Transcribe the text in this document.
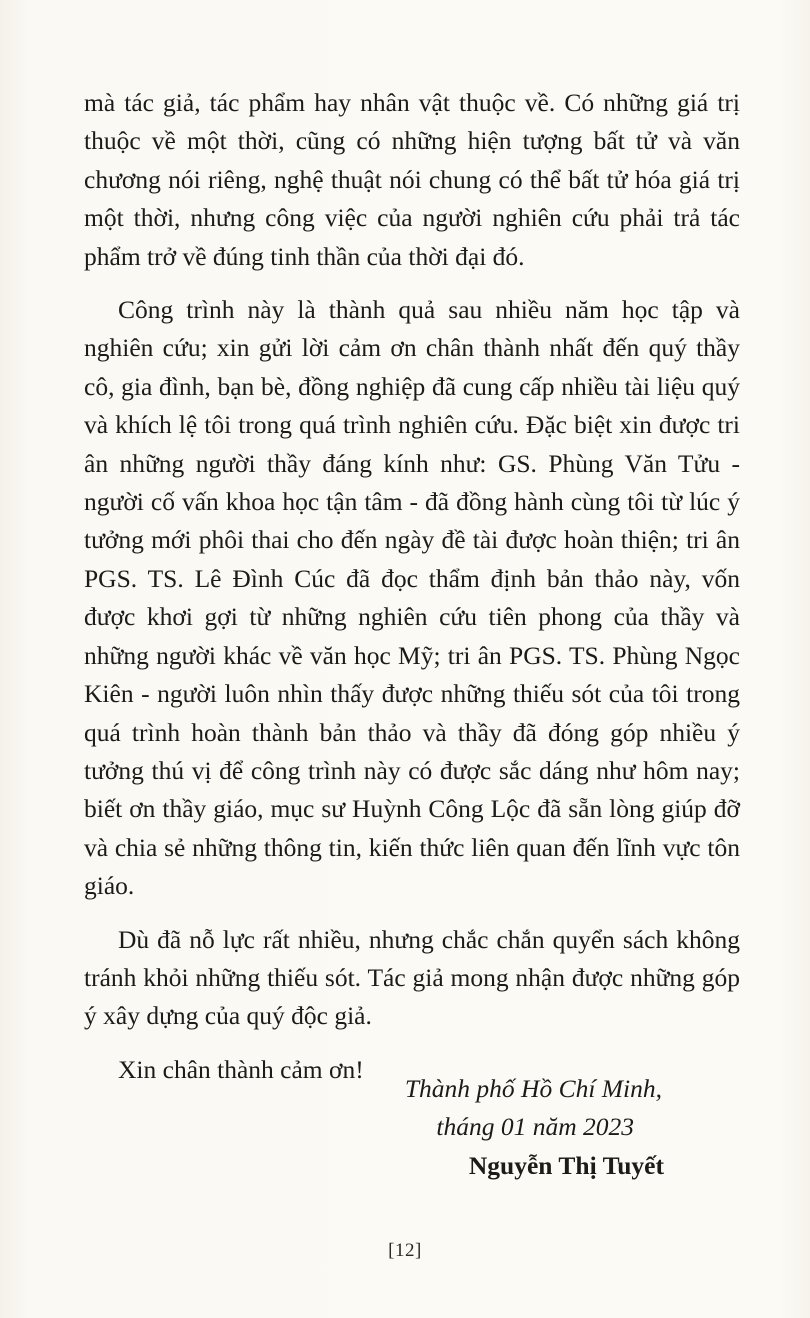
mà tác giả, tác phẩm hay nhân vật thuộc về. Có những giá trị thuộc về một thời, cũng có những hiện tượng bất tử và văn chương nói riêng, nghệ thuật nói chung có thể bất tử hóa giá trị một thời, nhưng công việc của người nghiên cứu phải trả tác phẩm trở về đúng tinh thần của thời đại đó.

Công trình này là thành quả sau nhiều năm học tập và nghiên cứu; xin gửi lời cảm ơn chân thành nhất đến quý thầy cô, gia đình, bạn bè, đồng nghiệp đã cung cấp nhiều tài liệu quý và khích lệ tôi trong quá trình nghiên cứu. Đặc biệt xin được tri ân những người thầy đáng kính như: GS. Phùng Văn Tửu - người cố vấn khoa học tận tâm - đã đồng hành cùng tôi từ lúc ý tưởng mới phôi thai cho đến ngày đề tài được hoàn thiện; tri ân PGS. TS. Lê Đình Cúc đã đọc thẩm định bản thảo này, vốn được khơi gợi từ những nghiên cứu tiên phong của thầy và những người khác về văn học Mỹ; tri ân PGS. TS. Phùng Ngọc Kiên - người luôn nhìn thấy được những thiếu sót của tôi trong quá trình hoàn thành bản thảo và thầy đã đóng góp nhiều ý tưởng thú vị để công trình này có được sắc dáng như hôm nay; biết ơn thầy giáo, mục sư Huỳnh Công Lộc đã sẵn lòng giúp đỡ và chia sẻ những thông tin, kiến thức liên quan đến lĩnh vực tôn giáo.

Dù đã nỗ lực rất nhiều, nhưng chắc chắn quyển sách không tránh khỏi những thiếu sót. Tác giả mong nhận được những góp ý xây dựng của quý độc giả.

Xin chân thành cảm ơn!

Thành phố Hồ Chí Minh,
tháng 01 năm 2023
Nguyễn Thị Tuyết
[12]
